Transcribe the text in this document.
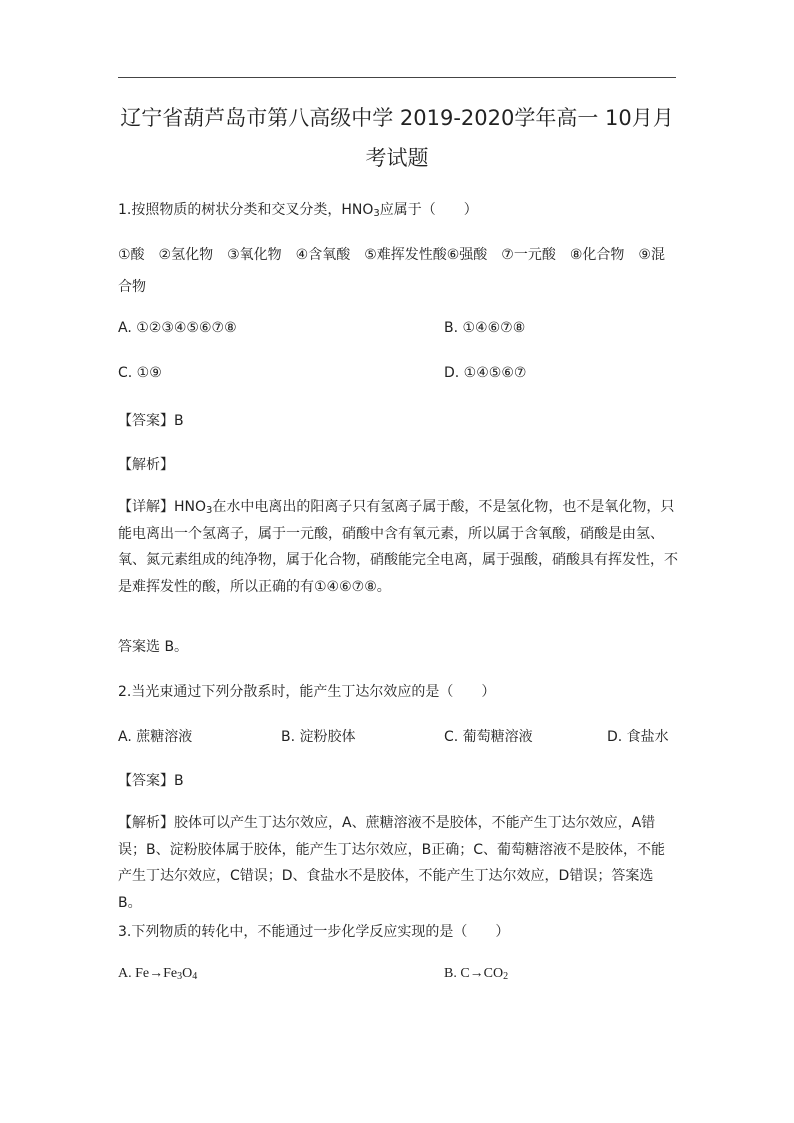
辽宁省葫芦岛市第八高级中学 2019-2020学年高一 10月月
考试题
1.按照物质的树状分类和交叉分类，$HNO_3$应属于（　　）
①酸　②氢化物　③氧化物　④含氧酸　⑤难挥发性酸⑥强酸　⑦一元酸　⑧化合物　⑨混
合物
A. ①②③④⑤⑥⑦⑧	B. ①④⑥⑦⑧
C. ①⑨	D. ①④⑤⑥⑦
【答案】B
【解析】
【详解】$HNO_3$在水中电离出的阳离子只有氢离子属于酸，不是氢化物，也不是氧化物，只能电离出一个氢离子，属于一元酸，硝酸中含有氧元素，所以属于含氧酸，硝酸是由氢、氧、氮元素组成的纯净物，属于化合物，硝酸能完全电离，属于强酸，硝酸具有挥发性，不是难挥发性的酸，所以正确的有①④⑥⑦⑧。
答案选 B。
2.当光束通过下列分散系时，能产生丁达尔效应的是（　　）
A. 蔗糖溶液	B. 淀粉胶体	C. 葡萄糖溶液	D. 食盐水
【答案】B
【解析】胶体可以产生丁达尔效应，A、蔗糖溶液不是胶体，不能产生丁达尔效应，A错误；B、淀粉胶体属于胶体，能产生丁达尔效应，B正确；C、葡萄糖溶液不是胶体，不能产生丁达尔效应，C错误；D、食盐水不是胶体，不能产生丁达尔效应，D错误；答案选 B。
3.下列物质的转化中，不能通过一步化学反应实现的是（　　）
A. $Fe\to Fe_3O_4$	B. $C\to CO_2$
